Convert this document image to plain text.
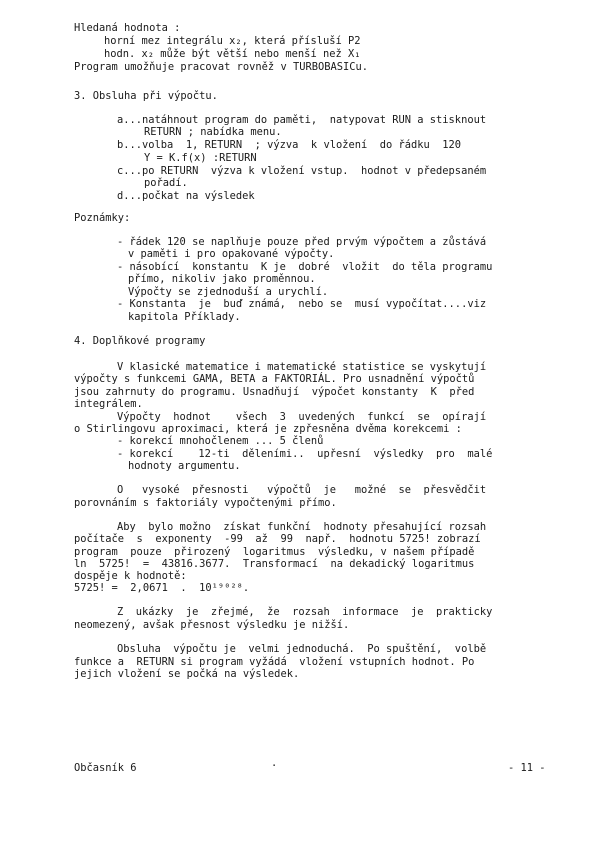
Hledaná hodnota :
horní mez integrálu x₂, která přísluší P2
hodn. x₂ může být větší nebo menší než X₁
Program umožňuje pracovat rovněž v TURBOBASICu.
3. Obsluha při výpočtu.
a...natáhnout program do paměti,  natypovat RUN a stisknout
RETURN ; nabídka menu.
b...volba  1, RETURN  ; výzva  k vložení  do řádku  120
Y = K.f(x) :RETURN
c...po RETURN  výzva k vložení vstup.  hodnot v předepsaném
pořadí.
d...počkat na výsledek
Poznámky:
- řádek 120 se naplňuje pouze před prvým výpočtem a zůstává
v paměti i pro opakované výpočty.
- násobící  konstantu  K je  dobré  vložit  do těla programu
přímo, nikoliv jako proměnnou.
Výpočty se zjednoduší a urychlí.
- Konstanta  je  buď známá,  nebo se  musí vypočítat....viz
kapitola Příklady.
4. Doplňkové programy
V klasické matematice i matematické statistice se vyskytují
výpočty s funkcemi GAMA, BETA a FAKTORIÁL. Pro usnadnění výpočtů
jsou zahrnuty do programu. Usnadňují  výpočet konstanty  K  před
integrálem.
Výpočty  hodnot    všech  3  uvedených  funkcí  se  opírají
o Stirlingovu aproximaci, která je zpřesněna dvěma korekcemi :
- korekcí mnohočlenem ... 5 členů
- korekcí    12-ti  děleními..  upřesní  výsledky  pro  malé
hodnoty argumentu.
O   vysoké  přesnosti   výpočtů  je   možné  se  přesvědčit
porovnáním s faktoriály vypočtenými přímo.
Aby  bylo možno  získat funkční  hodnoty přesahující rozsah
počítače  s  exponenty  -99  až  99  např.  hodnotu 5725! zobrazí
program  pouze  přirozený  logaritmus  výsledku, v našem případě
ln  5725!  =  43816.3677.  Transformací  na dekadický logaritmus
dospěje k hodnotě:
5725! =  2,0671  .  10¹⁹⁰²⁸.
Z  ukázky  je  zřejmé,  že  rozsah  informace  je  prakticky
neomezený, avšak přesnost výsledku je nižší.
Obsluha  výpočtu je  velmi jednoduchá.  Po spuštění,  volbě
funkce a  RETURN si program vyžádá  vložení vstupních hodnot. Po
jejich vložení se počká na výsledek.
Občasník 6	·	- 11 -
